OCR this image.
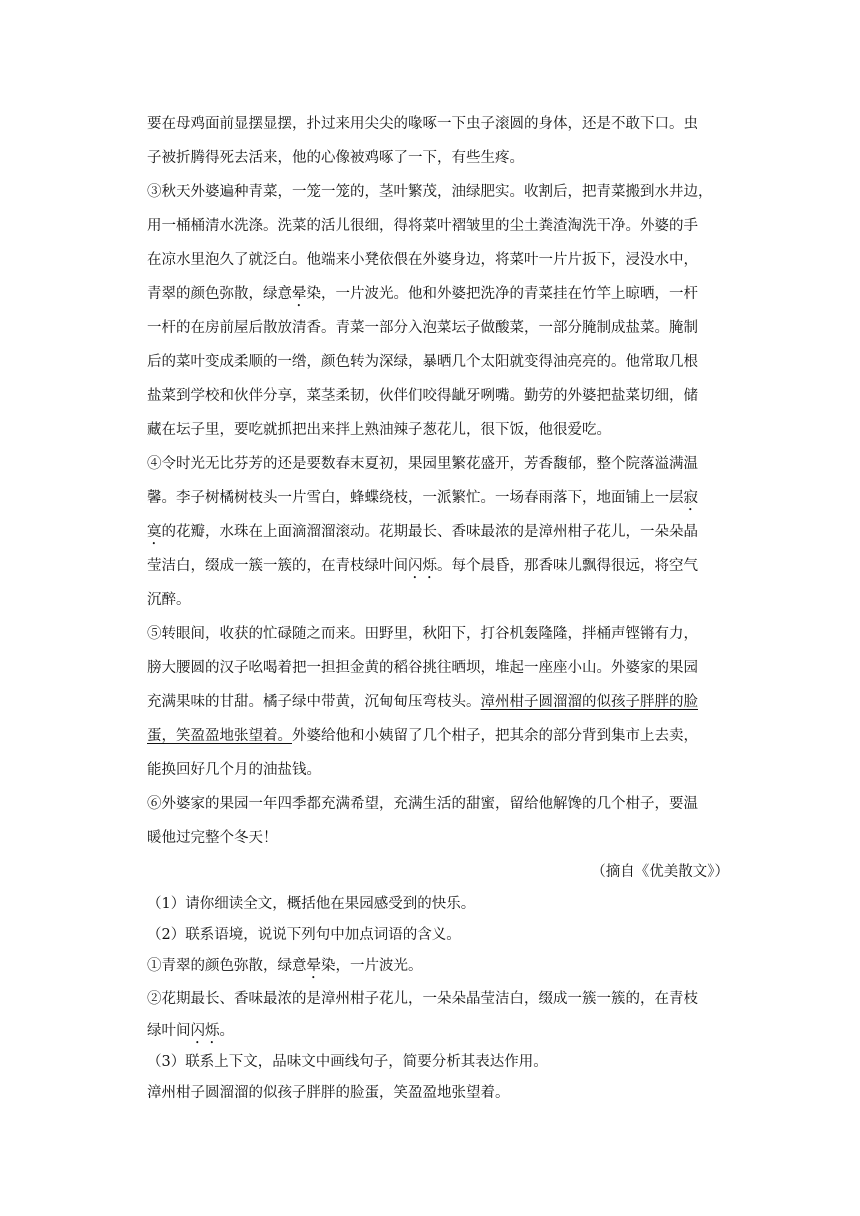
要在母鸡面前显摆显摆，扑过来用尖尖的喙啄一下虫子滚圆的身体，还是不敢下口。虫
子被折腾得死去活来，他的心像被鸡啄了一下，有些生疼。
③秋天外婆遍种青菜，一笼一笼的，茎叶繁茂，油绿肥实。收割后，把青菜搬到水井边，
用一桶桶清水洗涤。洗菜的活儿很细，得将菜叶褶皱里的尘土粪渣淘洗干净。外婆的手
在凉水里泡久了就泛白。他端来小凳依偎在外婆身边，将菜叶一片片扳下，浸没水中，
青翠的颜色弥散，绿意晕染，一片波光。他和外婆把洗净的青菜挂在竹竿上晾晒，一杆
一杆的在房前屋后散放清香。青菜一部分入泡菜坛子做酸菜，一部分腌制成盐菜。腌制
后的菜叶变成柔顺的一绺，颜色转为深绿，暴晒几个太阳就变得油亮亮的。他常取几根
盐菜到学校和伙伴分享，菜茎柔韧，伙伴们咬得龇牙咧嘴。勤劳的外婆把盐菜切细，储
藏在坛子里，要吃就抓把出来拌上熟油辣子葱花儿，很下饭，他很爱吃。
④令时光无比芬芳的还是要数春末夏初，果园里繁花盛开，芳香馥郁，整个院落溢满温
馨。李子树橘树枝头一片雪白，蜂蝶绕枝，一派繁忙。一场春雨落下，地面铺上一层寂
寞的花瓣，水珠在上面滴溜溜滚动。花期最长、香味最浓的是漳州柑子花儿，一朵朵晶
莹洁白，缀成一簇一簇的，在青枝绿叶间闪烁。每个晨昏，那香味儿飘得很远，将空气
沉醉。
⑤转眼间，收获的忙碌随之而来。田野里，秋阳下，打谷机轰隆隆，拌桶声铿锵有力，
膀大腰圆的汉子吆喝着把一担担金黄的稻谷挑往晒坝，堆起一座座小山。外婆家的果园
充满果味的甘甜。橘子绿中带黄，沉甸甸压弯枝头。漳州柑子圆溜溜的似孩子胖胖的脸
蛋，笑盈盈地张望着。外婆给他和小姨留了几个柑子，把其余的部分背到集市上去卖，
能换回好几个月的油盐钱。
⑥外婆家的果园一年四季都充满希望，充满生活的甜蜜，留给他解馋的几个柑子，要温
暖他过完整个冬天！
（摘自《优美散文》）
（1）请你细读全文，概括他在果园感受到的快乐。
（2）联系语境，说说下列句中加点词语的含义。
①青翠的颜色弥散，绿意晕染，一片波光。
②花期最长、香味最浓的是漳州柑子花儿，一朵朵晶莹洁白，缀成一簇一簇的，在青枝
绿叶间闪烁。
（3）联系上下文，品味文中画线句子，简要分析其表达作用。
漳州柑子圆溜溜的似孩子胖胖的脸蛋，笑盈盈地张望着。
